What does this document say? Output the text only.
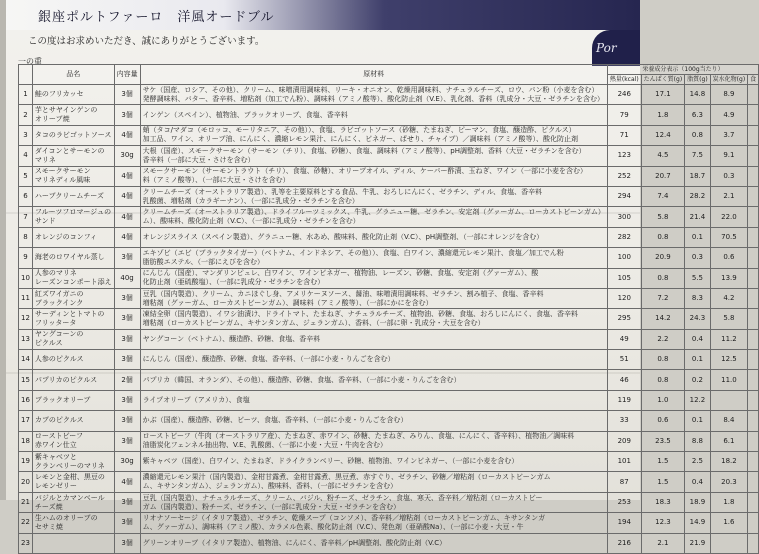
銀座ポルトファーロ　洋風オードブル
Por
この度はお求めいただき、誠にありがとうございます。
一の重
	品名	内容量	原材料	栄養成分表示（100g当たり）				
				熱量(kcal)	たんぱく質(g)	脂質(g)	炭水化物(g)	食
1	鮭のフリカッセ	3個	サケ（国産、ロシア、その他）、クリーム、味噌漬用調味料、リーキ・オニオン、乾燥用調味料、ナチュラルチーズ、ロウ、パン粉（小麦を含む）
発酵調味料、バター、香辛料、増粘剤（加工でん粉）、調味料（アミノ酸等）、酸化防止剤（V.E）、乳化剤、香料（乳成分・大豆・ゼラチンを含む）	246	17.1	14.8	8.9	
2	芋とサヤインゲンの
オリーブ焼	3個	インゲン（スペイン）、植物油、ブラックオリーブ、食塩、香辛料	79	1.8	6.3	4.9	
3	タコのラビゴットソース	4個	蛸（タコ/マダコ（モロッコ、モーリタニア、その他））、食塩、ラビゴットソース（砂糖、たまねぎ、ピーマン、食塩、醸造酢、ピクルス）
加工品、ワイン、オリーブ油、にんにく、濃縮レモン果汁、にんにく、ビネガー、ぱせり、チャイブ）／調味料（アミノ酸等）、酸化防止剤	71	12.4	0.8	3.7	
4	ダイコンとサーモンの
マリネ	30g	大根（国産）、スモークサーモン（サーモン（チリ）、食塩、砂糖）、食塩、調味料（アミノ酸等）、pH調整剤、香料（大豆・ゼラチンを含む）
香辛料（一部に大豆・さけを含む）	123	4.5	7.5	9.1	
5	スモークサーモン
マリネディル風味	4個	スモークサーモン（サーモントラウト（チリ）、食塩、砂糖）、オリーブオイル、ディル、ケーパー酢漬、玉ねぎ、ワイン（一部に小麦を含む）
料（アミノ酸等）、（一部に大豆・さけを含む）	252	20.7	18.7	0.3	
6	ハーブクリームチーズ	4個	クリームチーズ（オーストラリア製造）、乳等を主要原料とする食品、牛乳、おろしにんにく、ゼラチン、ディル、食塩、香辛料
乳酸菌、増粘剤（カラギーナン）、（一部に乳成分・ゼラチンを含む）	294	7.4	28.2	2.1	
7	フルーツフロマージュの
サンド	4個	クリームチーズ（オーストラリア製造）、ドライフルーツミックス、牛乳、グラニュー糖、ゼラチン、安定剤（グァーガム、ローカストビーンガム）
ム）、酸味料、酸化防止剤（V.C）、（一部に乳成分・ゼラチンを含む）	300	5.8	21.4	22.0	
8	オレンジのコンフィ	4個	オレンジスライス（スペイン製造）、グラニュー糖、水あめ、酸味料、酸化防止剤（V.C）、pH調整剤、（一部にオレンジを含む）	282	0.8	0.1	70.5	
9	海老のロワイヤル蒸し	3個	エキゾビ（エビ（ブラックタイガー）（ベトナム、インドネシア、その他））、食塩、白ワイン、濃縮還元レモン果汁、食塩／加工でん粉
脂肪酸エステル、（一部にえびを含む）	100	20.9	0.3	0.6	
10	人参のマリネ
レーズンコンポート添え	40g	にんじん（国産）、マンダリンピュレ、白ワイン、ワインビネガー、植物油、レーズン、砂糖、食塩、安定剤（グァーガム）、酸
化防止剤（亜硫酸塩）、（一部に乳成分・ゼラチンを含む）	105	0.8	5.5	13.9	
11	紅ズワイガニの
ブラックインク	3個	豆乳（国内製造）、クリーム、カニほぐし身、アメリケーヌソース、醤油、味噌漬用調味料、ゼラチン、割み植子、食塩、香辛料
増粘剤（グァーガム、ローカストビーンガム）、調味料（アミノ酸等）、（一部にかにを含む）	120	7.2	8.3	4.2	
12	サーディンとトマトの
フリッタータ	3個	凍結全卵（国内製造）、イワシ油漬け、ドライトマト、たまねぎ、ナチュラルチーズ、植物油、砂糖、食塩、おろしにんにく、食塩、香辛料
増粘剤（ローカストビーンガム、キサンタンガム、ジェランガム）、香料、（一部に卵・乳成分・大豆を含む）	295	14.2	24.3	5.8	
13	ヤングコーンの
ピクルス	3個	ヤングコーン（ベトナム）、醸造酢、砂糖、食塩、香辛料	49	2.2	0.4	11.2	
14	人参のピクルス	3個	にんじん（国産）、醸造酢、砂糖、食塩、香辛料、（一部に小麦・りんごを含む）	51	0.8	0.1	12.5	
15	パプリカのピクルス	2個	パプリカ（韓国、オランダ）、その他）、醸造酢、砂糖、食塩、香辛料、（一部に小麦・りんごを含む）	46	0.8	0.2	11.0	
16	ブラックオリーブ	3個	ライプオリーブ（アメリカ）、食塩	119	1.0	12.2		
17	カブのピクルス	3個	かぶ（国産）、醸造酢、砂糖、ビーツ、食塩、香辛料、（一部に小麦・りんごを含む）	33	0.6	0.1	8.4	
18	ローストビーフ
赤ワイン仕立	3個	ローストビーフ（牛肉（オーストラリア産）、たまねぎ、赤ワイン、砂糖、たまねぎ、みりん、食塩、にんにく、香辛料）、植物油／調味料
油脂炭化フェンネル抽出物、V.E、乳酸菌、（一部に小麦・大豆・牛肉を含む）	209	23.5	8.8	6.1	
19	紫キャベツと
クランベリーのマリネ	30g	紫キャベツ（国産）、白ワイン、たまねぎ、ドライクランベリー、砂糖、植物油、ワインビネガー、（一部に小麦を含む）	101	1.5	2.5	18.2	
20	レモンと金柑、黒豆の
レモンゼリー	4個	濃縮還元レモン果汁（国内製造）、金柑甘露煮、金柑甘露煮、黒豆煮、赤すぐり、ゼラチン、砂糖／増粘剤（ローカストビーンガム
ム、キサンタンガム）、ジェランガム）、酸味料、香料、（一部にゼラチンを含む）	87	1.5	0.4	20.3	
21	バジルとカマンベール
チーズ焼	3個	豆乳（国内製造）、ナチュラルチーズ、クリーム、バジル、粉チーズ、ゼラチン、食塩、寒天、香辛料／増粘剤（ローカストビー
ガム（国内製造）、粉チーズ、ゼラチン、（一部に乳成分・大豆・ゼラチンを含む）	253	18.3	18.9	1.8	
22	生ハムのオリーブの
セサミ焼	3個	リオナソーセージ（イタリア製造）、ゼラチン、乾燥スープ（コンソメ）、香辛料／増粘剤（ローカストビーンガム、キサンタンガ
ム、グァーガム）、調味料（アミノ酸）、カラメル色素、酸化防止剤（V.C）、発色剤（亜硝酸Na）、（一部に小麦・大豆・牛	194	12.3	14.9	1.6	
23		3個	グリーンオリーブ（イタリア製造）、植物油、にんにく、香辛料／pH調整剤、酸化防止剤（V.C）	216	2.1	21.9		
